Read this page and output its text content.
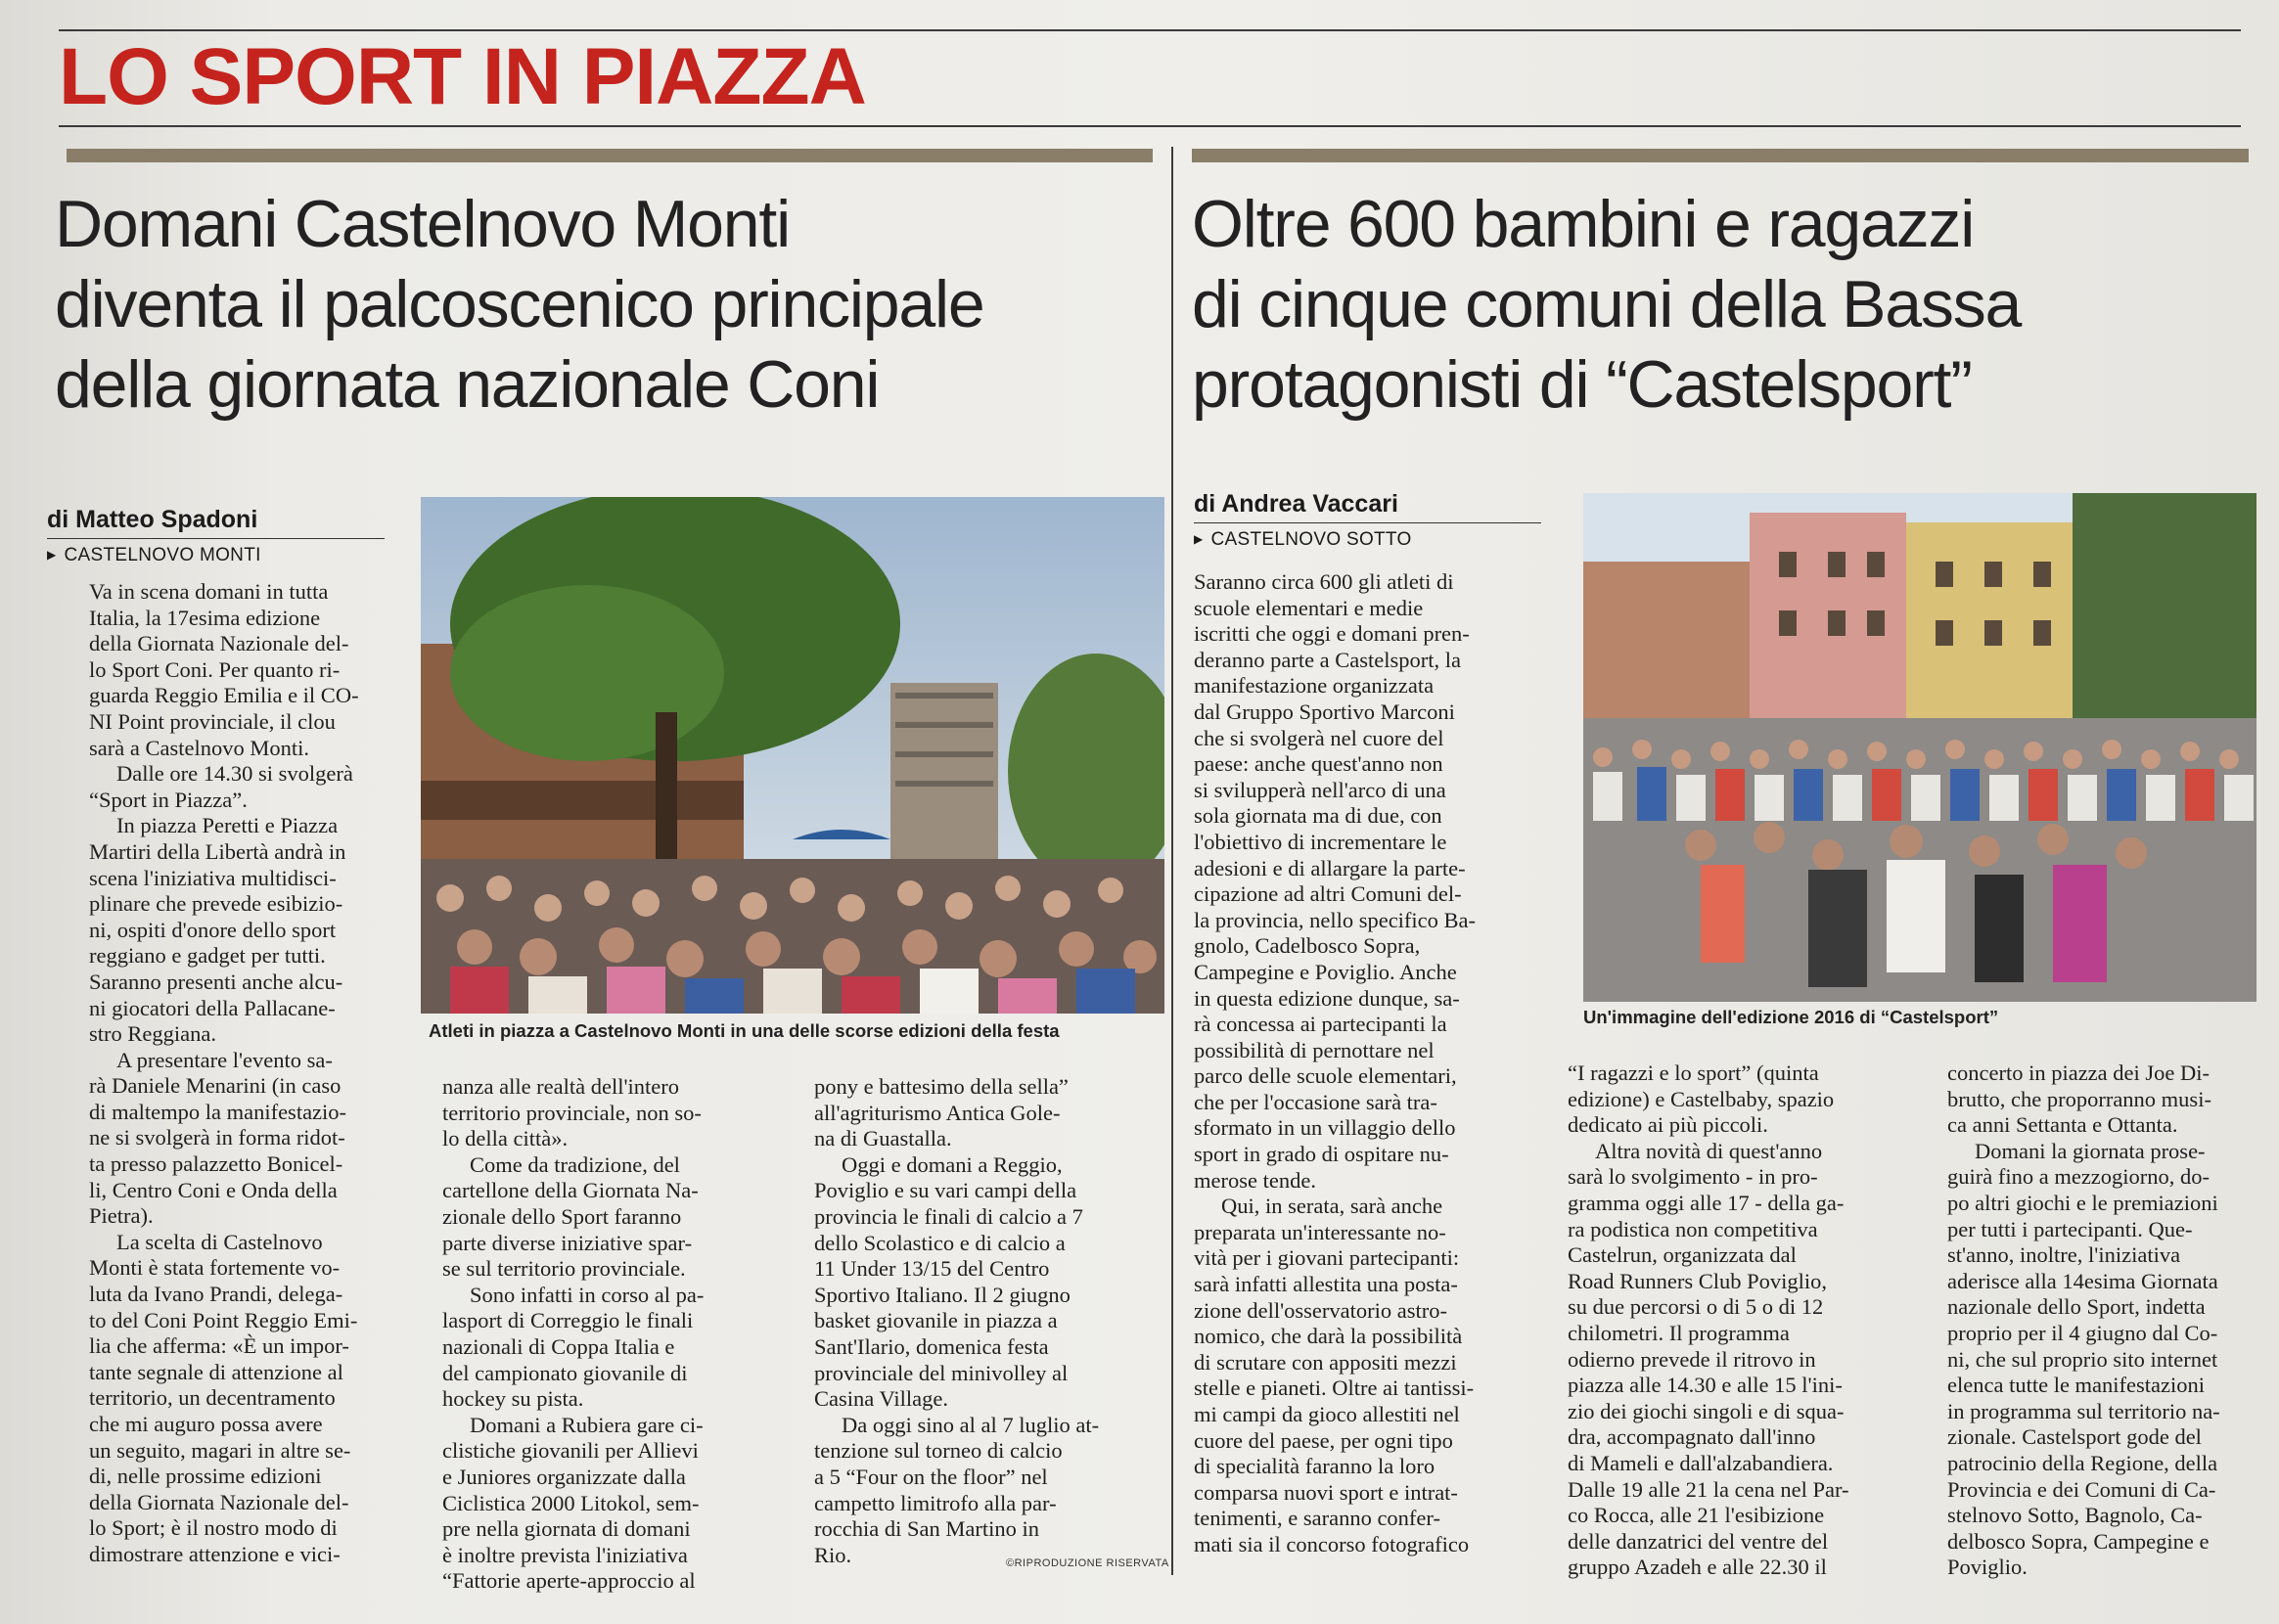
LO SPORT IN PIAZZA
Domani Castelnovo Monti
diventa il palcoscenico principale
della giornata nazionale Coni
di Matteo Spadoni
▶ CASTELNOVO MONTI
Atleti in piazza a Castelnovo Monti in una delle scorse edizioni della festa

Va in scena domani in tutta

Italia, la 17esima edizione

della Giornata Nazionale del-

lo Sport Coni. Per quanto ri-

guarda Reggio Emilia e il CO-

NI Point provinciale, il clou

sarà a Castelnovo Monti.

Dalle ore 14.30 si svolgerà

“Sport in Piazza”.

In piazza Peretti e Piazza

Martiri della Libertà andrà in

scena l'iniziativa multidisci-

plinare che prevede esibizio-

ni, ospiti d'onore dello sport

reggiano e gadget per tutti.

Saranno presenti anche alcu-

ni giocatori della Pallacane-

stro Reggiana.

A presentare l'evento sa-

rà Daniele Menarini (in caso

di maltempo la manifestazio-

ne si svolgerà in forma ridot-

ta presso palazzetto Bonicel-

li, Centro Coni e Onda della

Pietra).

La scelta di Castelnovo

Monti è stata fortemente vo-

luta da Ivano Prandi, delega-

to del Coni Point Reggio Emi-

lia che afferma: «È un impor-

tante segnale di attenzione al

territorio, un decentramento

che mi auguro possa avere

un seguito, magari in altre se-

di, nelle prossime edizioni

della Giornata Nazionale del-

lo Sport; è il nostro modo di

dimostrare attenzione e vici-

nanza alle realtà dell'intero

territorio provinciale, non so-

lo della città».

Come da tradizione, del

cartellone della Giornata Na-

zionale dello Sport faranno

parte diverse iniziative spar-

se sul territorio provinciale.

Sono infatti in corso al pa-

lasport di Correggio le finali

nazionali di Coppa Italia e

del campionato giovanile di

hockey su pista.

Domani a Rubiera gare ci-

clistiche giovanili per Allievi

e Juniores organizzate dalla

Ciclistica 2000 Litokol, sem-

pre nella giornata di domani

è inoltre prevista l'iniziativa

“Fattorie aperte-approccio al

pony e battesimo della sella”

all'agriturismo Antica Gole-

na di Guastalla.

Oggi e domani a Reggio,

Poviglio e su vari campi della

provincia le finali di calcio a 7

dello Scolastico e di calcio a

11 Under 13/15 del Centro

Sportivo Italiano. Il 2 giugno

basket giovanile in piazza a

Sant'Ilario, domenica festa

provinciale del minivolley al

Casina Village.

Da oggi sino al al 7 luglio at-

tenzione sul torneo di calcio

a 5 “Four on the floor” nel

campetto limitrofo alla par-

rocchia di San Martino in

Rio.	©RIPRODUZIONE RISERVATA
Oltre 600 bambini e ragazzi
di cinque comuni della Bassa
protagonisti di “Castelsport”
di Andrea Vaccari
▶ CASTELNOVO SOTTO
Un'immagine dell'edizione 2016 di “Castelsport”

Saranno circa 600 gli atleti di

scuole elementari e medie

iscritti che oggi e domani pren-

deranno parte a Castelsport, la

manifestazione organizzata

dal Gruppo Sportivo Marconi

che si svolgerà nel cuore del

paese: anche quest'anno non

si svilupperà nell'arco di una

sola giornata ma di due, con

l'obiettivo di incrementare le

adesioni e di allargare la parte-

cipazione ad altri Comuni del-

la provincia, nello specifico Ba-

gnolo, Cadelbosco Sopra,

Campegine e Poviglio. Anche

in questa edizione dunque, sa-

rà concessa ai partecipanti la

possibilità di pernottare nel

parco delle scuole elementari,

che per l'occasione sarà tra-

sformato in un villaggio dello

sport in grado di ospitare nu-

merose tende.

Qui, in serata, sarà anche

preparata un'interessante no-

vità per i giovani partecipanti:

sarà infatti allestita una posta-

zione dell'osservatorio astro-

nomico, che darà la possibilità

di scrutare con appositi mezzi

stelle e pianeti. Oltre ai tantissi-

mi campi da gioco allestiti nel

cuore del paese, per ogni tipo

di specialità faranno la loro

comparsa nuovi sport e intrat-

tenimenti, e saranno confer-

mati sia il concorso fotografico

“I ragazzi e lo sport” (quinta

edizione) e Castelbaby, spazio

dedicato ai più piccoli.

Altra novità di quest'anno

sarà lo svolgimento - in pro-

gramma oggi alle 17 - della ga-

ra podistica non competitiva

Castelrun, organizzata dal

Road Runners Club Poviglio,

su due percorsi o di 5 o di 12

chilometri. Il programma

odierno prevede il ritrovo in

piazza alle 14.30 e alle 15 l'ini-

zio dei giochi singoli e di squa-

dra, accompagnato dall'inno

di Mameli e dall'alzabandiera.

Dalle 19 alle 21 la cena nel Par-

co Rocca, alle 21 l'esibizione

delle danzatrici del ventre del

gruppo Azadeh e alle 22.30 il

concerto in piazza dei Joe Di-

brutto, che proporranno musi-

ca anni Settanta e Ottanta.

Domani la giornata prose-

guirà fino a mezzogiorno, do-

po altri giochi e le premiazioni

per tutti i partecipanti. Que-

st'anno, inoltre, l'iniziativa

aderisce alla 14esima Giornata

nazionale dello Sport, indetta

proprio per il 4 giugno dal Co-

ni, che sul proprio sito internet

elenca tutte le manifestazioni

in programma sul territorio na-

zionale. Castelsport gode del

patrocinio della Regione, della

Provincia e dei Comuni di Ca-

stelnovo Sotto, Bagnolo, Ca-

delbosco Sopra, Campegine e

Poviglio.
